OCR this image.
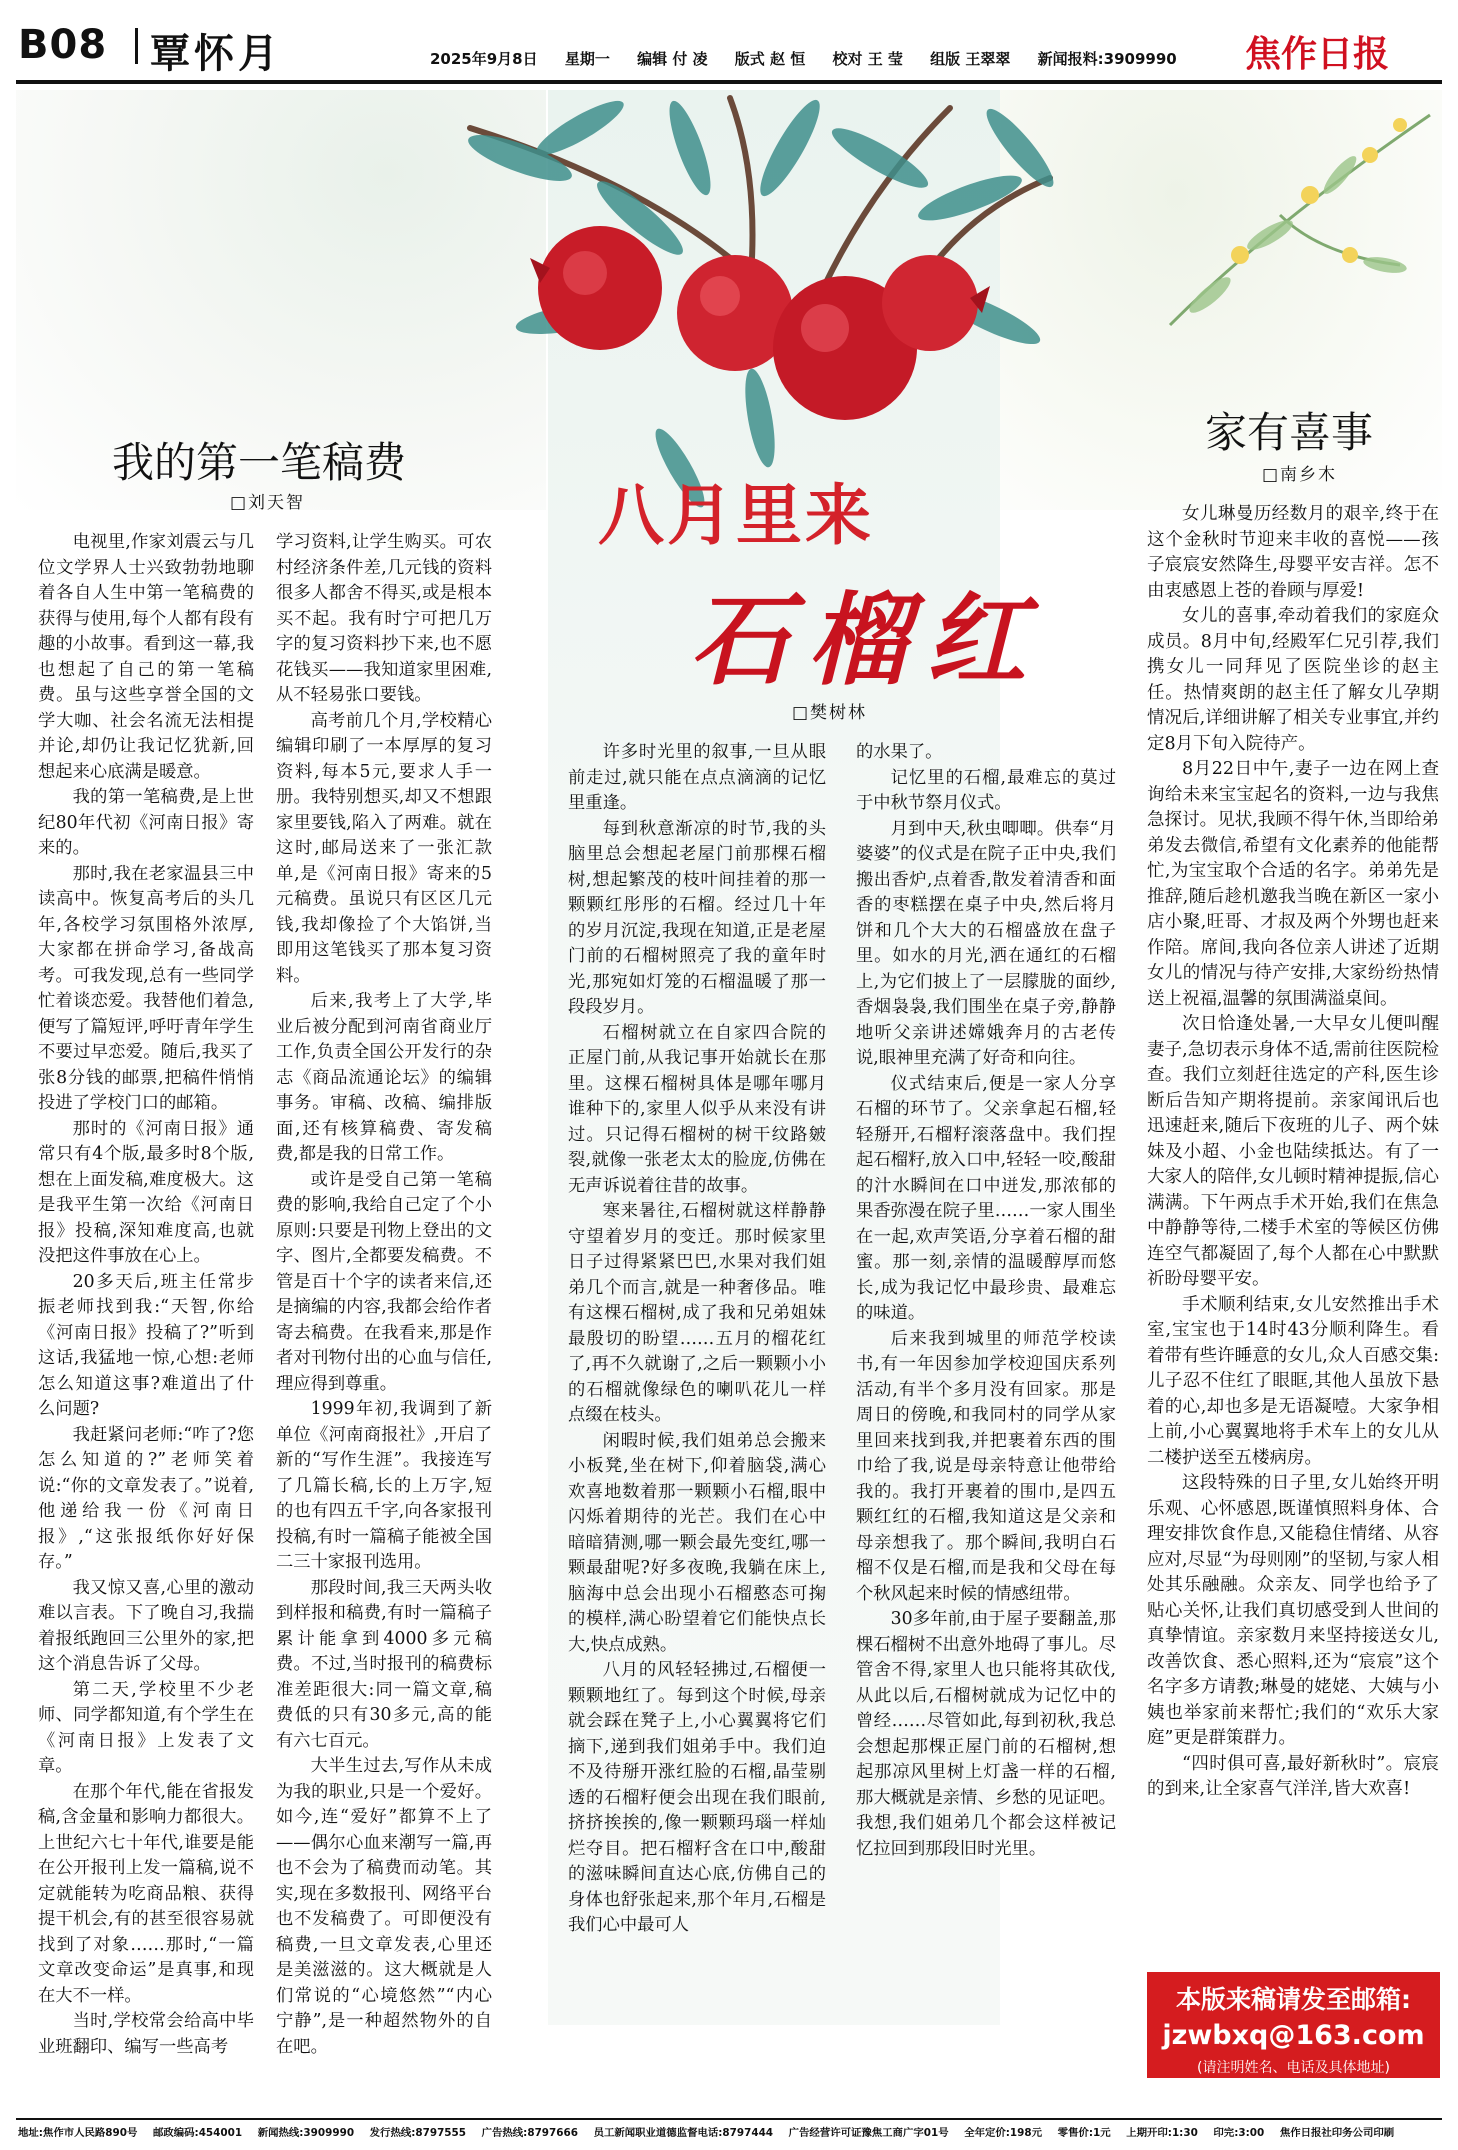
B08 覃怀月	2025年9月8日 星期一 编辑 付 凌 版式 赵 恒 校对 王 莹 组版 王翠翠 新闻报料:3909990	焦作日报
我的第一笔稿费
□刘天智

电视里,作家刘震云与几位文学界人士兴致勃勃地聊着各自人生中第一笔稿费的获得与使用,每个人都有段有趣的小故事。看到这一幕,我也想起了自己的第一笔稿费。虽与这些享誉全国的文学大咖、社会名流无法相提并论,却仍让我记忆犹新,回想起来心底满是暖意。

我的第一笔稿费,是上世纪80年代初《河南日报》寄来的。

那时,我在老家温县三中读高中。恢复高考后的头几年,各校学习氛围格外浓厚,大家都在拼命学习,备战高考。可我发现,总有一些同学忙着谈恋爱。我替他们着急,便写了篇短评,呼吁青年学生不要过早恋爱。随后,我买了张8分钱的邮票,把稿件悄悄投进了学校门口的邮箱。

那时的《河南日报》通常只有4个版,最多时8个版,想在上面发稿,难度极大。这是我平生第一次给《河南日报》投稿,深知难度高,也就没把这件事放在心上。

20多天后,班主任常步振老师找到我:“天智,你给《河南日报》投稿了?”听到这话,我猛地一惊,心想:老师怎么知道这事?难道出了什么问题?

我赶紧问老师:“咋了?您怎么知道的?”老师笑着说:“你的文章发表了。”说着,他递给我一份《河南日报》,“这张报纸你好好保存。”

我又惊又喜,心里的激动难以言表。下了晚自习,我揣着报纸跑回三公里外的家,把这个消息告诉了父母。

第二天,学校里不少老师、同学都知道,有个学生在《河南日报》上发表了文章。

在那个年代,能在省报发稿,含金量和影响力都很大。上世纪六七十年代,谁要是能在公开报刊上发一篇稿,说不定就能转为吃商品粮、获得提干机会,有的甚至很容易就找到了对象……那时,“一篇文章改变命运”是真事,和现在大不一样。

当时,学校常会给高中毕业班翻印、编写一些高考

学习资料,让学生购买。可农村经济条件差,几元钱的资料很多人都舍不得买,或是根本买不起。我有时宁可把几万字的复习资料抄下来,也不愿花钱买——我知道家里困难,从不轻易张口要钱。

高考前几个月,学校精心编辑印刷了一本厚厚的复习资料,每本5元,要求人手一册。我特别想买,却又不想跟家里要钱,陷入了两难。就在这时,邮局送来了一张汇款单,是《河南日报》寄来的5元稿费。虽说只有区区几元钱,我却像捡了个大馅饼,当即用这笔钱买了那本复习资料。

后来,我考上了大学,毕业后被分配到河南省商业厅工作,负责全国公开发行的杂志《商品流通论坛》的编辑事务。审稿、改稿、编排版面,还有核算稿费、寄发稿费,都是我的日常工作。

或许是受自己第一笔稿费的影响,我给自己定了个小原则:只要是刊物上登出的文字、图片,全都要发稿费。不管是百十个字的读者来信,还是摘编的内容,我都会给作者寄去稿费。在我看来,那是作者对刊物付出的心血与信任,理应得到尊重。

1999年初,我调到了新单位《河南商报社》,开启了新的“写作生涯”。我接连写了几篇长稿,长的上万字,短的也有四五千字,向各家报刊投稿,有时一篇稿子能被全国二三十家报刊选用。

那段时间,我三天两头收到样报和稿费,有时一篇稿子累计能拿到4000多元稿费。不过,当时报刊的稿费标准差距很大:同一篇文章,稿费低的只有30多元,高的能有六七百元。

大半生过去,写作从未成为我的职业,只是一个爱好。如今,连“爱好”都算不上了——偶尔心血来潮写一篇,再也不会为了稿费而动笔。其实,现在多数报刊、网络平台也不发稿费了。可即便没有稿费,一旦文章发表,心里还是美滋滋的。这大概就是人们常说的“心境悠然”“内心宁静”,是一种超然物外的自在吧。

八月里来
石榴红
□樊树林

许多时光里的叙事,一旦从眼前走过,就只能在点点滴滴的记忆里重逢。

每到秋意渐凉的时节,我的头脑里总会想起老屋门前那棵石榴树,想起繁茂的枝叶间挂着的那一颗颗红彤彤的石榴。经过几十年的岁月沉淀,我现在知道,正是老屋门前的石榴树照亮了我的童年时光,那宛如灯笼的石榴温暖了那一段段岁月。

石榴树就立在自家四合院的正屋门前,从我记事开始就长在那里。这棵石榴树具体是哪年哪月谁种下的,家里人似乎从来没有讲过。只记得石榴树的树干纹路皴裂,就像一张老太太的脸庞,仿佛在无声诉说着往昔的故事。

寒来暑往,石榴树就这样静静守望着岁月的变迁。那时候家里日子过得紧紧巴巴,水果对我们姐弟几个而言,就是一种奢侈品。唯有这棵石榴树,成了我和兄弟姐妹最殷切的盼望……五月的榴花红了,再不久就谢了,之后一颗颗小小的石榴就像绿色的喇叭花儿一样点缀在枝头。

闲暇时候,我们姐弟总会搬来小板凳,坐在树下,仰着脑袋,满心欢喜地数着那一颗颗小石榴,眼中闪烁着期待的光芒。我们在心中暗暗猜测,哪一颗会最先变红,哪一颗最甜呢?好多夜晚,我躺在床上,脑海中总会出现小石榴憨态可掬的模样,满心盼望着它们能快点长大,快点成熟。

八月的风轻轻拂过,石榴便一颗颗地红了。每到这个时候,母亲就会踩在凳子上,小心翼翼将它们摘下,递到我们姐弟手中。我们迫不及待掰开涨红脸的石榴,晶莹剔透的石榴籽便会出现在我们眼前,挤挤挨挨的,像一颗颗玛瑙一样灿烂夺目。把石榴籽含在口中,酸甜的滋味瞬间直达心底,仿佛自己的身体也舒张起来,那个年月,石榴是我们心中最可人

的水果了。

记忆里的石榴,最难忘的莫过于中秋节祭月仪式。

月到中天,秋虫唧唧。供奉“月婆婆”的仪式是在院子正中央,我们搬出香炉,点着香,散发着清香和面香的枣糕摆在桌子中央,然后将月饼和几个大大的石榴盛放在盘子里。如水的月光,洒在通红的石榴上,为它们披上了一层朦胧的面纱,香烟袅袅,我们围坐在桌子旁,静静地听父亲讲述嫦娥奔月的古老传说,眼神里充满了好奇和向往。

仪式结束后,便是一家人分享石榴的环节了。父亲拿起石榴,轻轻掰开,石榴籽滚落盘中。我们捏起石榴籽,放入口中,轻轻一咬,酸甜的汁水瞬间在口中迸发,那浓郁的果香弥漫在院子里……一家人围坐在一起,欢声笑语,分享着石榴的甜蜜。那一刻,亲情的温暖醇厚而悠长,成为我记忆中最珍贵、最难忘的味道。

后来我到城里的师范学校读书,有一年因参加学校迎国庆系列活动,有半个多月没有回家。那是周日的傍晚,和我同村的同学从家里回来找到我,并把裹着东西的围巾给了我,说是母亲特意让他带给我的。我打开裹着的围巾,是四五颗红红的石榴,我知道这是父亲和母亲想我了。那个瞬间,我明白石榴不仅是石榴,而是我和父母在每个秋风起来时候的情感纽带。

30多年前,由于屋子要翻盖,那棵石榴树不出意外地碍了事儿。尽管舍不得,家里人也只能将其砍伐,从此以后,石榴树就成为记忆中的曾经……尽管如此,每到初秋,我总会想起那棵正屋门前的石榴树,想起那凉风里树上灯盏一样的石榴,那大概就是亲情、乡愁的见证吧。我想,我们姐弟几个都会这样被记忆拉回到那段旧时光里。

家有喜事
□南乡木

女儿琳曼历经数月的艰辛,终于在这个金秋时节迎来丰收的喜悦——孩子宸宸安然降生,母婴平安吉祥。怎不由衷感恩上苍的眷顾与厚爱!

女儿的喜事,牵动着我们的家庭众成员。8月中旬,经殿军仁兄引荐,我们携女儿一同拜见了医院坐诊的赵主任。热情爽朗的赵主任了解女儿孕期情况后,详细讲解了相关专业事宜,并约定8月下旬入院待产。

8月22日中午,妻子一边在网上查询给未来宝宝起名的资料,一边与我焦急探讨。见状,我顾不得午休,当即给弟弟发去微信,希望有文化素养的他能帮忙,为宝宝取个合适的名字。弟弟先是推辞,随后趁机邀我当晚在新区一家小店小聚,旺哥、才叔及两个外甥也赶来作陪。席间,我向各位亲人讲述了近期女儿的情况与待产安排,大家纷纷热情送上祝福,温馨的氛围满溢桌间。

次日恰逢处暑,一大早女儿便叫醒妻子,急切表示身体不适,需前往医院检查。我们立刻赶往选定的产科,医生诊断后告知产期将提前。亲家闻讯后也迅速赶来,随后下夜班的儿子、两个妹妹及小超、小金也陆续抵达。有了一大家人的陪伴,女儿顿时精神提振,信心满满。下午两点手术开始,我们在焦急中静静等待,二楼手术室的等候区仿佛连空气都凝固了,每个人都在心中默默祈盼母婴平安。

手术顺利结束,女儿安然推出手术室,宝宝也于14时43分顺利降生。看着带有些许睡意的女儿,众人百感交集:儿子忍不住红了眼眶,其他人虽放下悬着的心,却也多是无语凝噎。大家争相上前,小心翼翼地将手术车上的女儿从二楼护送至五楼病房。

这段特殊的日子里,女儿始终开明乐观、心怀感恩,既谨慎照料身体、合理安排饮食作息,又能稳住情绪、从容应对,尽显“为母则刚”的坚韧,与家人相处其乐融融。众亲友、同学也给予了贴心关怀,让我们真切感受到人世间的真挚情谊。亲家数月来坚持接送女儿,改善饮食、悉心照料,还为“宸宸”这个名字多方请教;琳曼的姥姥、大姨与小姨也举家前来帮忙;我们的“欢乐大家庭”更是群策群力。

“四时俱可喜,最好新秋时”。宸宸的到来,让全家喜气洋洋,皆大欢喜!

本版来稿请发至邮箱:
jzwbxq@163.com
(请注明姓名、电话及具体地址)
地址:焦作市人民路890号 邮政编码:454001 新闻热线:3909990 发行热线:8797555 广告热线:8797666 员工新闻职业道德监督电话:8797444 广告经营许可证豫焦工商广字01号 全年定价:198元 零售价:1元 上期开印:1:30 印完:3:00 焦作日报社印务公司印刷
